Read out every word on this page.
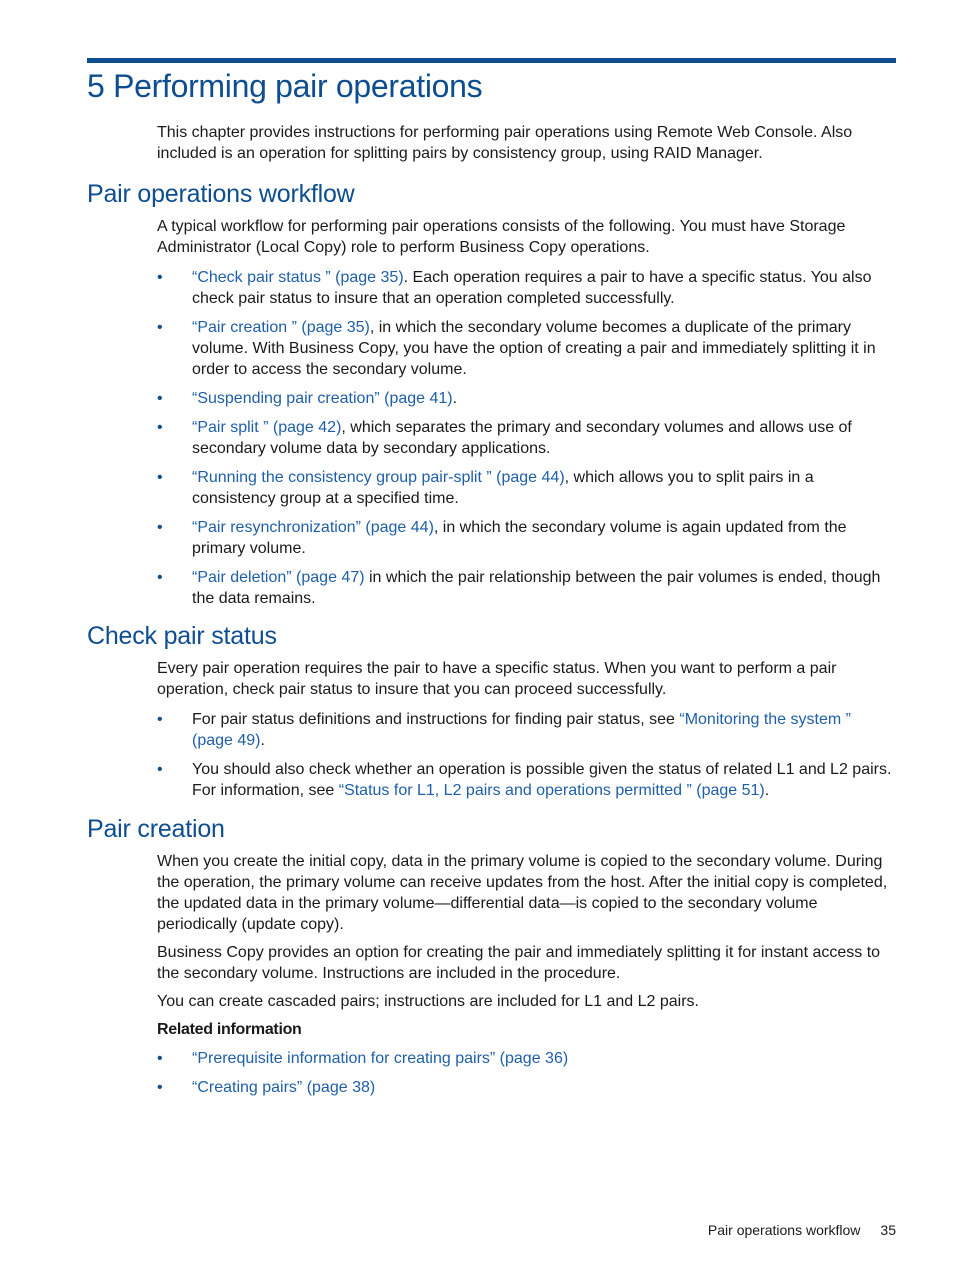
5 Performing pair operations

This chapter provides instructions for performing pair operations using Remote Web Console. Also included is an operation for splitting pairs by consistency group, using RAID Manager.

Pair operations workflow

A typical workflow for performing pair operations consists of the following. You must have Storage Administrator (Local Copy) role to perform Business Copy operations.

• “Check pair status ” (page 35). Each operation requires a pair to have a specific status. You also check pair status to insure that an operation completed successfully.
• “Pair creation ” (page 35), in which the secondary volume becomes a duplicate of the primary volume. With Business Copy, you have the option of creating a pair and immediately splitting it in order to access the secondary volume.
• “Suspending pair creation” (page 41).
• “Pair split ” (page 42), which separates the primary and secondary volumes and allows use of secondary volume data by secondary applications.
• “Running the consistency group pair-split ” (page 44), which allows you to split pairs in a consistency group at a specified time.
• “Pair resynchronization” (page 44), in which the secondary volume is again updated from the primary volume.
• “Pair deletion” (page 47) in which the pair relationship between the pair volumes is ended, though the data remains.
Check pair status

Every pair operation requires the pair to have a specific status. When you want to perform a pair operation, check pair status to insure that you can proceed successfully.

• For pair status definitions and instructions for finding pair status, see “Monitoring the system ” (page 49).
• You should also check whether an operation is possible given the status of related L1 and L2 pairs. For information, see “Status for L1, L2 pairs and operations permitted ” (page 51).
Pair creation

When you create the initial copy, data in the primary volume is copied to the secondary volume. During the operation, the primary volume can receive updates from the host. After the initial copy is completed, the updated data in the primary volume—differential data—is copied to the secondary volume periodically (update copy).

Business Copy provides an option for creating the pair and immediately splitting it for instant access to the secondary volume. Instructions are included in the procedure.

You can create cascaded pairs; instructions are included for L1 and L2 pairs.

Related information
• “Prerequisite information for creating pairs” (page 36)
• “Creating pairs” (page 38)
Pair operations workflow 35
